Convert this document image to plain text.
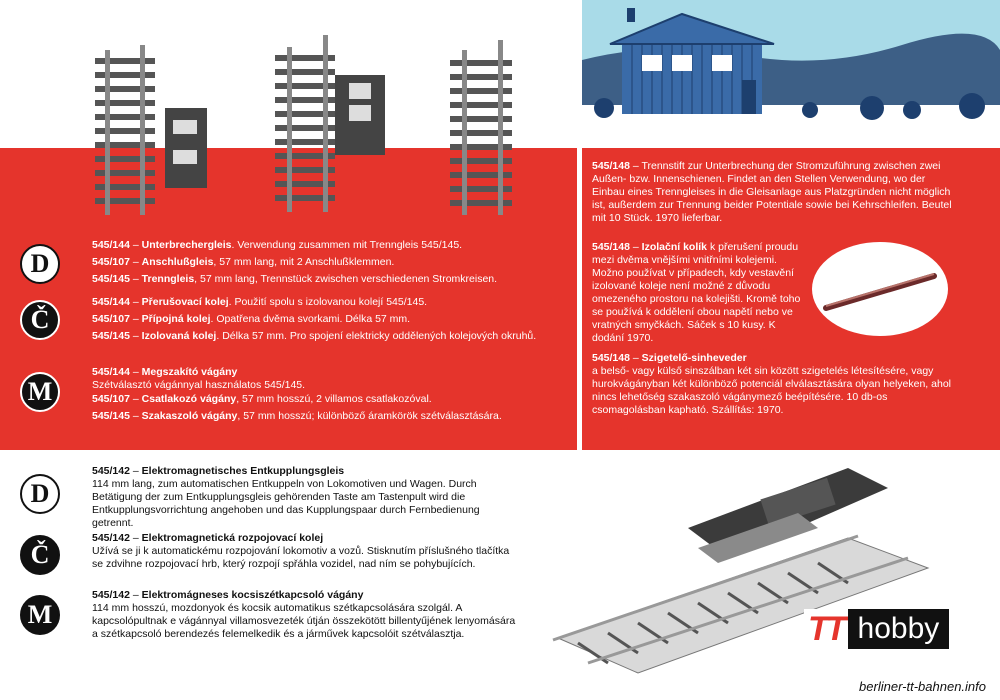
D
Č
M
545/144 – Unterbrechergleis. Verwendung zusammen mit Trenngleis 545/145.
545/107 – Anschlußgleis, 57 mm lang, mit 2 Anschlußklemmen.
545/145 – Trenngleis, 57 mm lang, Trennstück zwischen verschiedenen Stromkreisen.
545/144 – Přerušovací kolej. Použití spolu s izolovanou kolejí 545/145.
545/107 – Přípojná kolej. Opatřena dvěma svorkami. Délka 57 mm.
545/145 – Izolovaná kolej. Délka 57 mm. Pro spojení elektricky oddělených kolejových okruhů.
545/144 – Megszakító vágány
Szétválasztó vágánnyal használatos 545/145.
545/107 – Csatlakozó vágány, 57 mm hosszú, 2 villamos csatlakozóval.
545/145 – Szakaszoló vágány, 57 mm hosszú; különböző áramkörök szétválasztására.
545/148 – Trennstift zur Unterbrechung der Stromzuführung zwischen zwei Außen- bzw. Innenschienen. Findet an den Stellen Verwendung, wo der Einbau eines Trenngleises in die Gleisanlage aus Platzgründen nicht möglich ist, außerdem zur Trennung beider Potentiale sowie bei Kehrschleifen. Beutel mit 10 Stück. 1970 lieferbar.
545/148 – Izolační kolík k přerušení proudu mezi dvěma vnějšími vnitřními kolejemi. Možno používat v případech, kdy vestavění izolované koleje není možné z důvodu omezeného prostoru na kolejišti. Kromě toho se používá k oddělení obou napětí nebo ve vratných smyčkách. Sáček s 10 kusy. K dodání 1970.
545/148 – Szigetelő-sinheveder
a belső- vagy külső sinszálban két sin között szigetelés létesítésére, vagy hurokvágányban két különböző potenciál elválasztására olyan helyeken, ahol nincs lehetőség szakaszoló vágánymező beépítésére. 10 db-os csomagolásban kapható. Szállítás: 1970.
D
Č
M
545/142 – Elektromagnetisches Entkupplungsgleis
114 mm lang, zum automatischen Entkuppeln von Lokomotiven und Wagen. Durch Betätigung der zum Entkupplungsgleis gehörenden Taste am Tastenpult wird die Entkupplungsvorrichtung angehoben und das Kupplungspaar durch Fernbedienung getrennt.
545/142 – Elektromagnetická rozpojovací kolej
Užívá se ji k automatickému rozpojování lokomotiv a vozů. Stisknutím příslušného tlačítka se zdvihne rozpojovací hrb, který rozpojí spřáhla vozidel, nad ním se pohybujících.
545/142 – Elektromágneses kocsiszétkapcsoló vágány
114 mm hosszú, mozdonyok és kocsik automatikus szétkapcsolására szolgál. A kapcsolópultnak e vágánnyal villamosvezeték útján összekötött billentyűjének lenyomására a szétkapcsoló berendezés felemelkedik és a járművek kapcsolóit szétválasztja.	TT hobby
berliner-tt-bahnen.info
